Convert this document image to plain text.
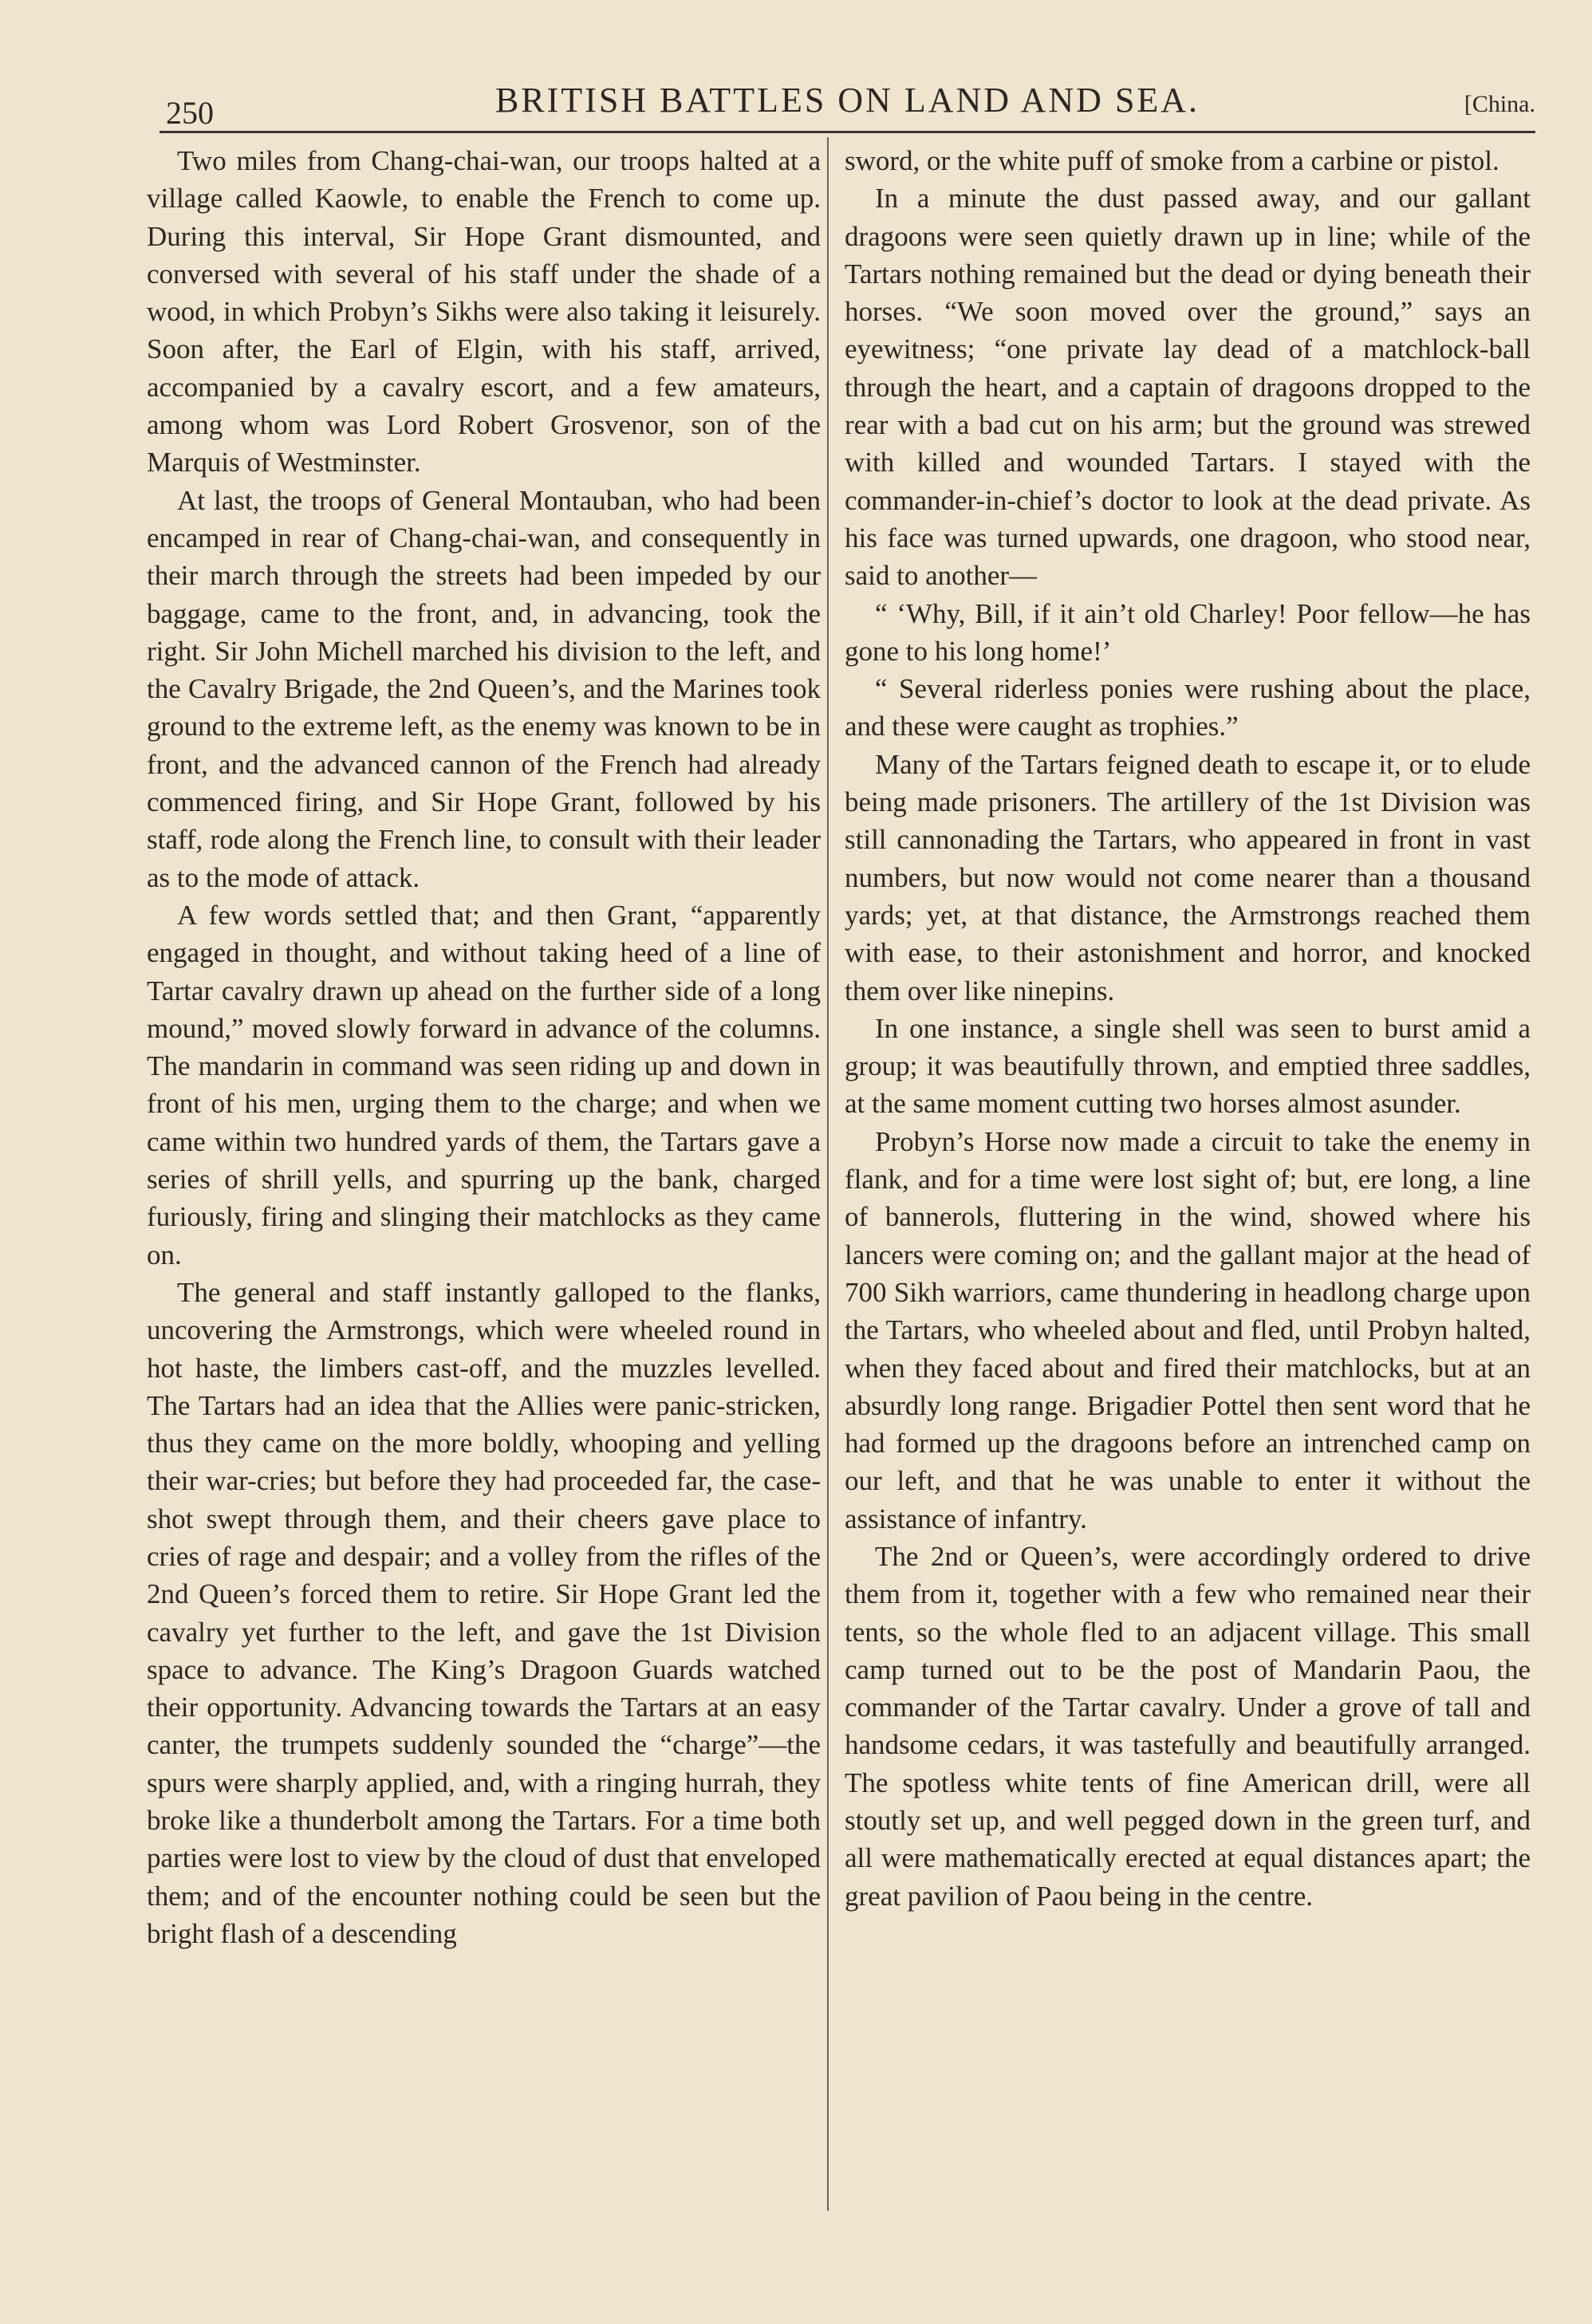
250	BRITISH BATTLES ON LAND AND SEA.	[China.

Two miles from Chang-chai-wan, our troops halted at a village called Kaowle, to enable the French to come up. During this interval, Sir Hope Grant dismounted, and conversed with several of his staff under the shade of a wood, in which Probyn’s Sikhs were also taking it leisurely. Soon after, the Earl of Elgin, with his staff, arrived, accompanied by a cavalry escort, and a few amateurs, among whom was Lord Robert Grosvenor, son of the Marquis of Westminster.

At last, the troops of General Montauban, who had been encamped in rear of Chang-chai-wan, and consequently in their march through the streets had been impeded by our baggage, came to the front, and, in advancing, took the right. Sir John Michell marched his division to the left, and the Cavalry Brigade, the 2nd Queen’s, and the Marines took ground to the extreme left, as the enemy was known to be in front, and the advanced cannon of the French had already commenced firing, and Sir Hope Grant, followed by his staff, rode along the French line, to consult with their leader as to the mode of attack.

A few words settled that; and then Grant, “apparently engaged in thought, and without taking heed of a line of Tartar cavalry drawn up ahead on the further side of a long mound,” moved slowly forward in advance of the columns. The mandarin in command was seen riding up and down in front of his men, urging them to the charge; and when we came within two hundred yards of them, the Tartars gave a series of shrill yells, and spurring up the bank, charged furiously, firing and slinging their matchlocks as they came on.

The general and staff instantly galloped to the flanks, uncovering the Armstrongs, which were wheeled round in hot haste, the limbers cast-off, and the muzzles levelled. The Tartars had an idea that the Allies were panic-stricken, thus they came on the more boldly, whooping and yelling their war-cries; but before they had proceeded far, the case-shot swept through them, and their cheers gave place to cries of rage and despair; and a volley from the rifles of the 2nd Queen’s forced them to retire. Sir Hope Grant led the cavalry yet further to the left, and gave the 1st Division space to advance. The King’s Dragoon Guards watched their opportunity. Advancing towards the Tartars at an easy canter, the trumpets suddenly sounded the “charge”—the spurs were sharply applied, and, with a ringing hurrah, they broke like a thunderbolt among the Tartars. For a time both parties were lost to view by the cloud of dust that enveloped them; and of the encounter nothing could be seen but the bright flash of a descending

sword, or the white puff of smoke from a carbine or pistol.

In a minute the dust passed away, and our gallant dragoons were seen quietly drawn up in line; while of the Tartars nothing remained but the dead or dying beneath their horses. “We soon moved over the ground,” says an eyewitness; “one private lay dead of a matchlock-ball through the heart, and a captain of dragoons dropped to the rear with a bad cut on his arm; but the ground was strewed with killed and wounded Tartars. I stayed with the commander-in-chief’s doctor to look at the dead private. As his face was turned upwards, one dragoon, who stood near, said to another—

“ ‘Why, Bill, if it ain’t old Charley! Poor fellow—he has gone to his long home!’

“ Several riderless ponies were rushing about the place, and these were caught as trophies.”

Many of the Tartars feigned death to escape it, or to elude being made prisoners. The artillery of the 1st Division was still cannonading the Tartars, who appeared in front in vast numbers, but now would not come nearer than a thousand yards; yet, at that distance, the Armstrongs reached them with ease, to their astonishment and horror, and knocked them over like ninepins.

In one instance, a single shell was seen to burst amid a group; it was beautifully thrown, and emptied three saddles, at the same moment cutting two horses almost asunder.

Probyn’s Horse now made a circuit to take the enemy in flank, and for a time were lost sight of; but, ere long, a line of bannerols, fluttering in the wind, showed where his lancers were coming on; and the gallant major at the head of 700 Sikh warriors, came thundering in headlong charge upon the Tartars, who wheeled about and fled, until Probyn halted, when they faced about and fired their matchlocks, but at an absurdly long range. Brigadier Pottel then sent word that he had formed up the dragoons before an intrenched camp on our left, and that he was unable to enter it without the assistance of infantry.

The 2nd or Queen’s, were accordingly ordered to drive them from it, together with a few who remained near their tents, so the whole fled to an adjacent village. This small camp turned out to be the post of Mandarin Paou, the commander of the Tartar cavalry. Under a grove of tall and handsome cedars, it was tastefully and beautifully arranged. The spotless white tents of fine American drill, were all stoutly set up, and well pegged down in the green turf, and all were mathematically erected at equal distances apart; the great pavilion of Paou being in the centre.
